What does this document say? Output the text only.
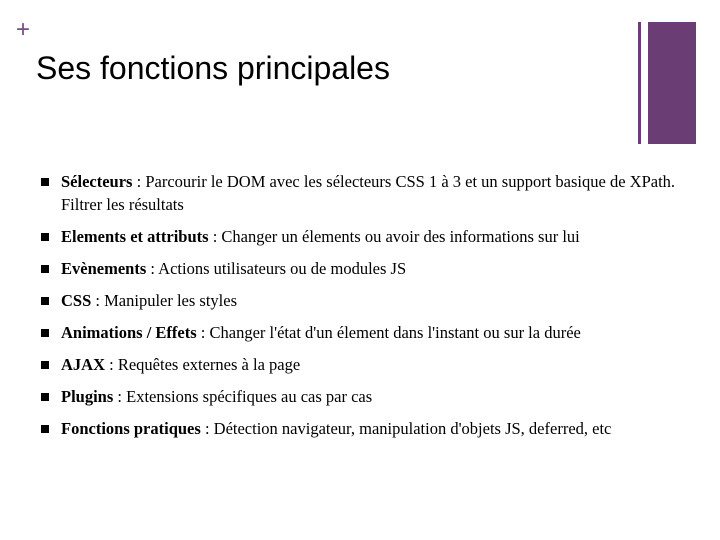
+
Ses fonctions principales
Sélecteurs : Parcourir le DOM avec les sélecteurs CSS 1 à 3 et un support basique de XPath. Filtrer les résultats
Elements et attributs : Changer un élements ou avoir des informations sur lui
Evènements : Actions utilisateurs ou de modules JS
CSS : Manipuler les styles
Animations / Effets : Changer l'état d'un élement dans l'instant ou sur la durée
AJAX : Requêtes externes à la page
Plugins : Extensions spécifiques au cas par cas
Fonctions pratiques : Détection navigateur, manipulation d'objets JS, deferred, etc
